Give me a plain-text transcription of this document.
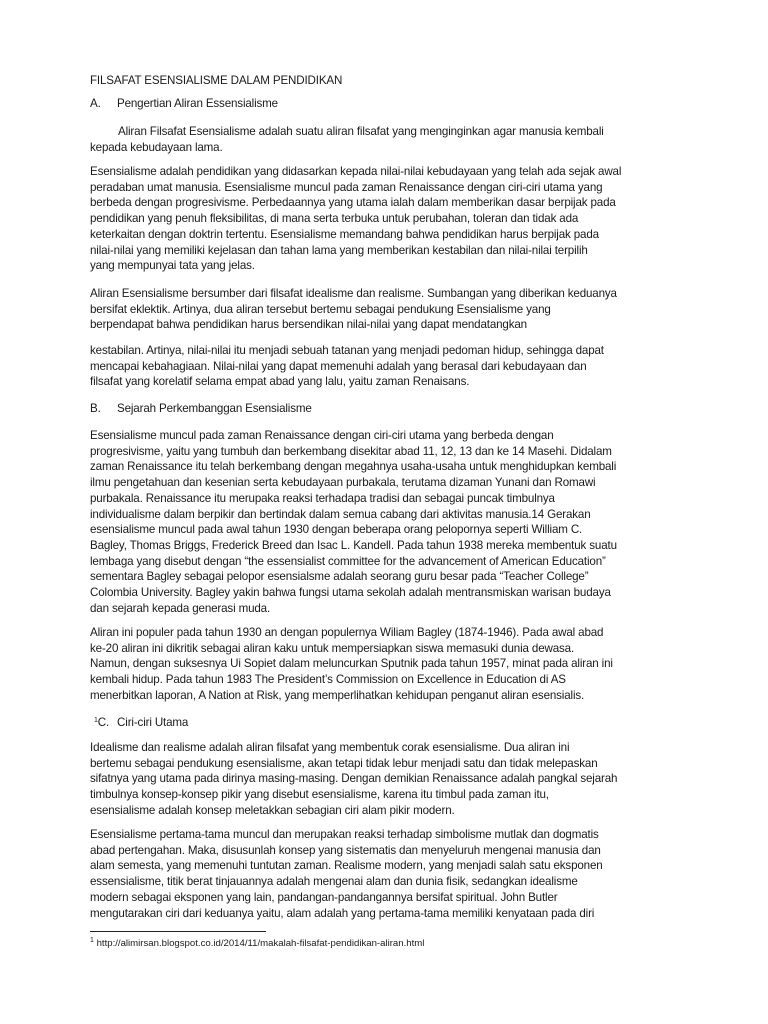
FILSAFAT ESENSIALISME DALAM PENDIDIKAN
A. Pengertian Aliran Essensialisme
Aliran Filsafat Esensialisme adalah suatu aliran filsafat yang menginginkan agar manusia kembali
kepada kebudayaan lama.
Esensialisme adalah pendidikan yang didasarkan kepada nilai-nilai kebudayaan yang telah ada sejak awal
peradaban umat manusia. Esensialisme muncul pada zaman Renaissance dengan ciri-ciri utama yang
berbeda dengan progresivisme. Perbedaannya yang utama ialah dalam memberikan dasar berpijak pada
pendidikan yang penuh fleksibilitas, di mana serta terbuka untuk perubahan, toleran dan tidak ada
keterkaitan dengan doktrin tertentu. Esensialisme memandang bahwa pendidikan harus berpijak pada
nilai-nilai yang memiliki kejelasan dan tahan lama yang memberikan kestabilan dan nilai-nilai terpilih
yang mempunyai tata yang jelas.
Aliran Esensialisme bersumber dari filsafat idealisme dan realisme. Sumbangan yang diberikan keduanya
bersifat eklektik. Artinya, dua aliran tersebut bertemu sebagai pendukung Esensialisme yang
berpendapat bahwa pendidikan harus bersendikan nilai-nilai yang dapat mendatangkan
kestabilan. Artinya, nilai-nilai itu menjadi sebuah tatanan yang menjadi pedoman hidup, sehingga dapat
mencapai kebahagiaan. Nilai-nilai yang dapat memenuhi adalah yang berasal dari kebudayaan dan
filsafat yang korelatif selama empat abad yang lalu, yaitu zaman Renaisans.
B. Sejarah Perkembanggan Esensialisme
Esensialisme muncul pada zaman Renaissance dengan ciri-ciri utama yang berbeda dengan
progresivisme, yaitu yang tumbuh dan berkembang disekitar abad 11, 12, 13 dan ke 14 Masehi. Didalam
zaman Renaissance itu telah berkembang dengan megahnya usaha-usaha untuk menghidupkan kembali
ilmu pengetahuan dan kesenian serta kebudayaan purbakala, terutama dizaman Yunani dan Romawi
purbakala. Renaissance itu merupaka reaksi terhadapa tradisi dan sebagai puncak timbulnya
individualisme dalam berpikir dan bertindak dalam semua cabang dari aktivitas manusia.14 Gerakan
esensialisme muncul pada awal tahun 1930 dengan beberapa orang pelopornya seperti William C.
Bagley, Thomas Briggs, Frederick Breed dan Isac L. Kandell. Pada tahun 1938 mereka membentuk suatu
lembaga yang disebut dengan “the essensialist committee for the advancement of American Education”
sementara Bagley sebagai pelopor esensialsme adalah seorang guru besar pada “Teacher College”
Colombia University. Bagley yakin bahwa fungsi utama sekolah adalah mentransmiskan warisan budaya
dan sejarah kepada generasi muda.
Aliran ini populer pada tahun 1930 an dengan populernya Wiliam Bagley (1874-1946). Pada awal abad
ke-20 aliran ini dikritik sebagai aliran kaku untuk mempersiapkan siswa memasuki dunia dewasa.
Namun, dengan suksesnya Ui Sopiet dalam meluncurkan Sputnik pada tahun 1957, minat pada aliran ini
kembali hidup. Pada tahun 1983 The President’s Commission on Excellence in Education di AS
menerbitkan laporan, A Nation at Risk, yang memperlihatkan kehidupan penganut aliran esensialis.
$^1$C. Ciri-ciri Utama
Idealisme dan realisme adalah aliran filsafat yang membentuk corak esensialisme. Dua aliran ini
bertemu sebagai pendukung esensialisme, akan tetapi tidak lebur menjadi satu dan tidak melepaskan
sifatnya yang utama pada dirinya masing-masing. Dengan demikian Renaissance adalah pangkal sejarah
timbulnya konsep-konsep pikir yang disebut esensialisme, karena itu timbul pada zaman itu,
esensialisme adalah konsep meletakkan sebagian ciri alam pikir modern.
Esensialisme pertama-tama muncul dan merupakan reaksi terhadap simbolisme mutlak dan dogmatis
abad pertengahan. Maka, disusunlah konsep yang sistematis dan menyeluruh mengenai manusia dan
alam semesta, yang memenuhi tuntutan zaman. Realisme modern, yang menjadi salah satu eksponen
essensialisme, titik berat tinjauannya adalah mengenai alam dan dunia fisik, sedangkan idealisme
modern sebagai eksponen yang lain, pandangan-pandangannya bersifat spiritual. John Butler
mengutarakan ciri dari keduanya yaitu, alam adalah yang pertama-tama memiliki kenyataan pada diri
$^1$ http://alimirsan.blogspot.co.id/2014/11/makalah-filsafat-pendidikan-aliran.html
